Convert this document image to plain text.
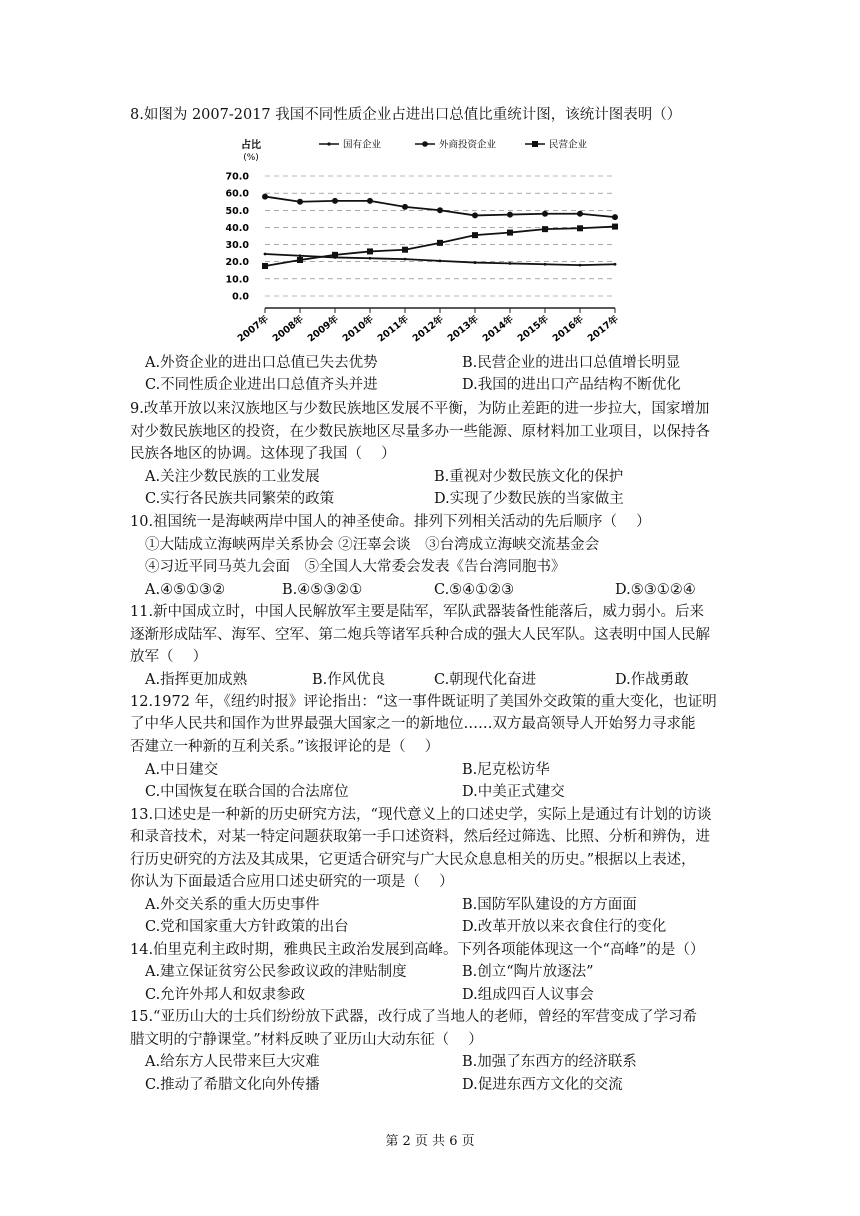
8.如图为 2007-2017 我国不同性质企业占进出口总值比重统计图，该统计图表明（）
占比
(%)
70.0
60.0
50.0
40.0
30.0
20.0
10.0
0.0
2007年 2008年 2009年 2010年 2011年 2012年 2013年 2014年 2015年 2016年 2017年
国有企业	外商投资企业	民营企业
A.外资企业的进出口总值已失去优势	B.民营企业的进出口总值增长明显
C.不同性质企业进出口总值齐头并进	D.我国的进出口产品结构不断优化
9.改革开放以来汉族地区与少数民族地区发展不平衡，为防止差距的进一步拉大，国家增加
对少数民族地区的投资，在少数民族地区尽量多办一些能源、原材料加工业项目，以保持各
民族各地区的协调。这体现了我国（　 ）
A.关注少数民族的工业发展	B.重视对少数民族文化的保护
C.实行各民族共同繁荣的政策	D.实现了少数民族的当家做主
10.祖国统一是海峡两岸中国人的神圣使命。排列下列相关活动的先后顺序（　 ）
①大陆成立海峡两岸关系协会 ②汪辜会谈　③台湾成立海峡交流基金会
④习近平同马英九会面　⑤全国人大常委会发表《告台湾同胞书》
A.④⑤①③②	B.④⑤③②①	C.⑤④①②③	D.⑤③①②④
11.新中国成立时，中国人民解放军主要是陆军，军队武器装备性能落后，威力弱小。后来
逐渐形成陆军、海军、空军、第二炮兵等诸军兵种合成的强大人民军队。这表明中国人民解
放军（　 ）
A.指挥更加成熟	B.作风优良	C.朝现代化奋进	D.作战勇敢
12.1972 年，《纽约时报》评论指出：“这一事件既证明了美国外交政策的重大变化，也证明
了中华人民共和国作为世界最强大国家之一的新地位……双方最高领导人开始努力寻求能
否建立一种新的互利关系。”该报评论的是（　 ）
A.中日建交	B.尼克松访华
C.中国恢复在联合国的合法席位	D.中美正式建交
13.口述史是一种新的历史研究方法，“现代意义上的口述史学，实际上是通过有计划的访谈
和录音技术，对某一特定问题获取第一手口述资料，然后经过筛选、比照、分析和辨伪，进
行历史研究的方法及其成果，它更适合研究与广大民众息息相关的历史。”根据以上表述，
你认为下面最适合应用口述史研究的一项是（　 ）
A.外交关系的重大历史事件	B.国防军队建设的方方面面
C.党和国家重大方针政策的出台	D.改革开放以来衣食住行的变化
14.伯里克利主政时期，雅典民主政治发展到高峰。下列各项能体现这一个“高峰”的是（）
A.建立保证贫穷公民参政议政的津贴制度	B.创立“陶片放逐法”
C.允许外邦人和奴隶参政	D.组成四百人议事会
15.“亚历山大的士兵们纷纷放下武器，改行成了当地人的老师，曾经的军营变成了学习希
腊文明的宁静课堂。”材料反映了亚历山大动东征（　 ）
A.给东方人民带来巨大灾难	B.加强了东西方的经济联系
C.推动了希腊文化向外传播	D.促进东西方文化的交流
第 2 页 共 6 页
